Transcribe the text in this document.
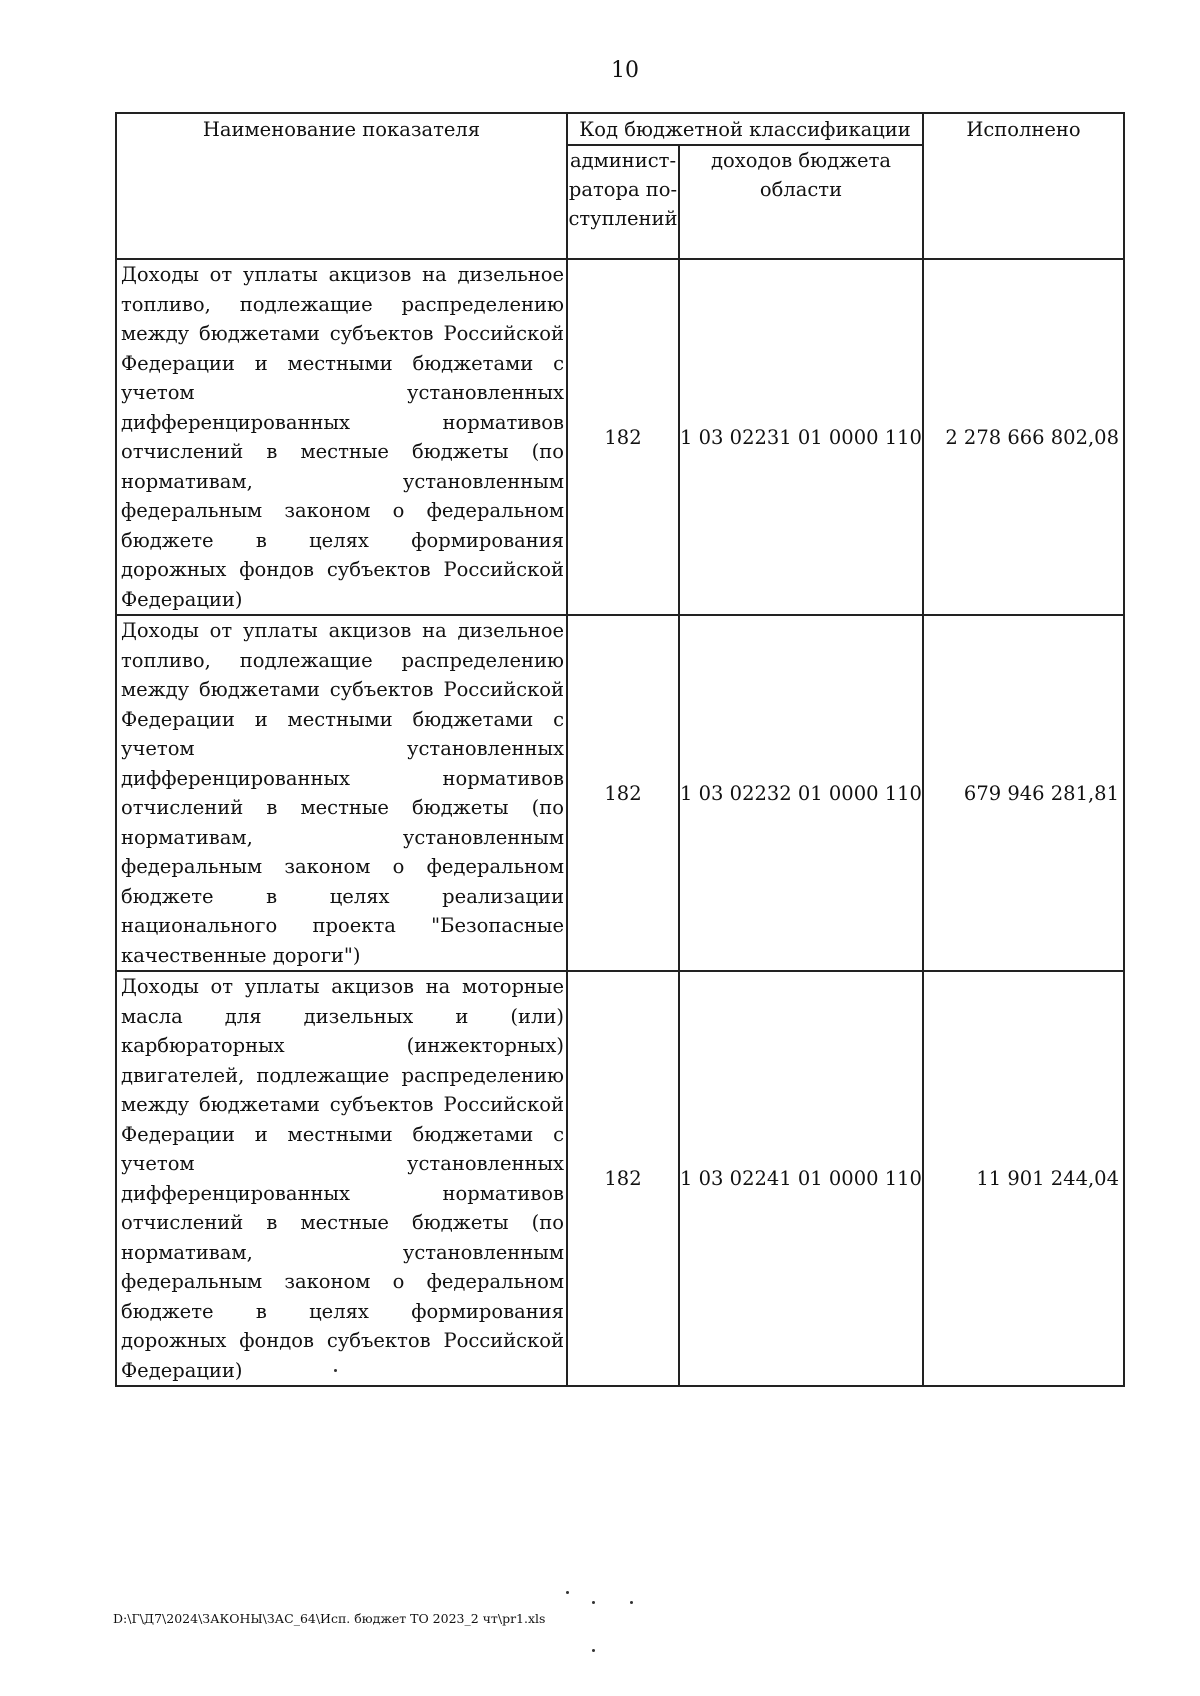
10
Наименование показателя	Код бюджетной классификации		Исполнено
	админист-ратора по-ступлений	доходов бюджета области	
Доходы от уплаты акцизов на дизельное топливо, подлежащие распределению между бюджетами субъектов Российской Федерации и местными бюджетами с учетом установленных дифференцированных нормативов отчислений в местные бюджеты (по нормативам, установленным федеральным законом о федеральном бюджете в целях формирования дорожных фондов субъектов Российской Федерации)	182	1 03 02231 01 0000 110	2 278 666 802,08
Доходы от уплаты акцизов на дизельное топливо, подлежащие распределению между бюджетами субъектов Российской Федерации и местными бюджетами с учетом установленных дифференцированных нормативов отчислений в местные бюджеты (по нормативам, установленным федеральным законом о федеральном бюджете в целях реализации национального проекта "Безопасные качественные дороги")	182	1 03 02232 01 0000 110	679 946 281,81
Доходы от уплаты акцизов на моторные масла для дизельных и (или) карбюраторных (инжекторных) двигателей, подлежащие распределению между бюджетами субъектов Российской Федерации и местными бюджетами с учетом установленных дифференцированных нормативов отчислений в местные бюджеты (по нормативам, установленным федеральным законом о федеральном бюджете в целях формирования дорожных фондов субъектов Российской Федерации)	182	1 03 02241 01 0000 110	11 901 244,04
D:\Г\Д7\2024\ЗАКОНЫ\ЗАС_64\Исп. бюджет ТО 2023_2 чт\pr1.xls
